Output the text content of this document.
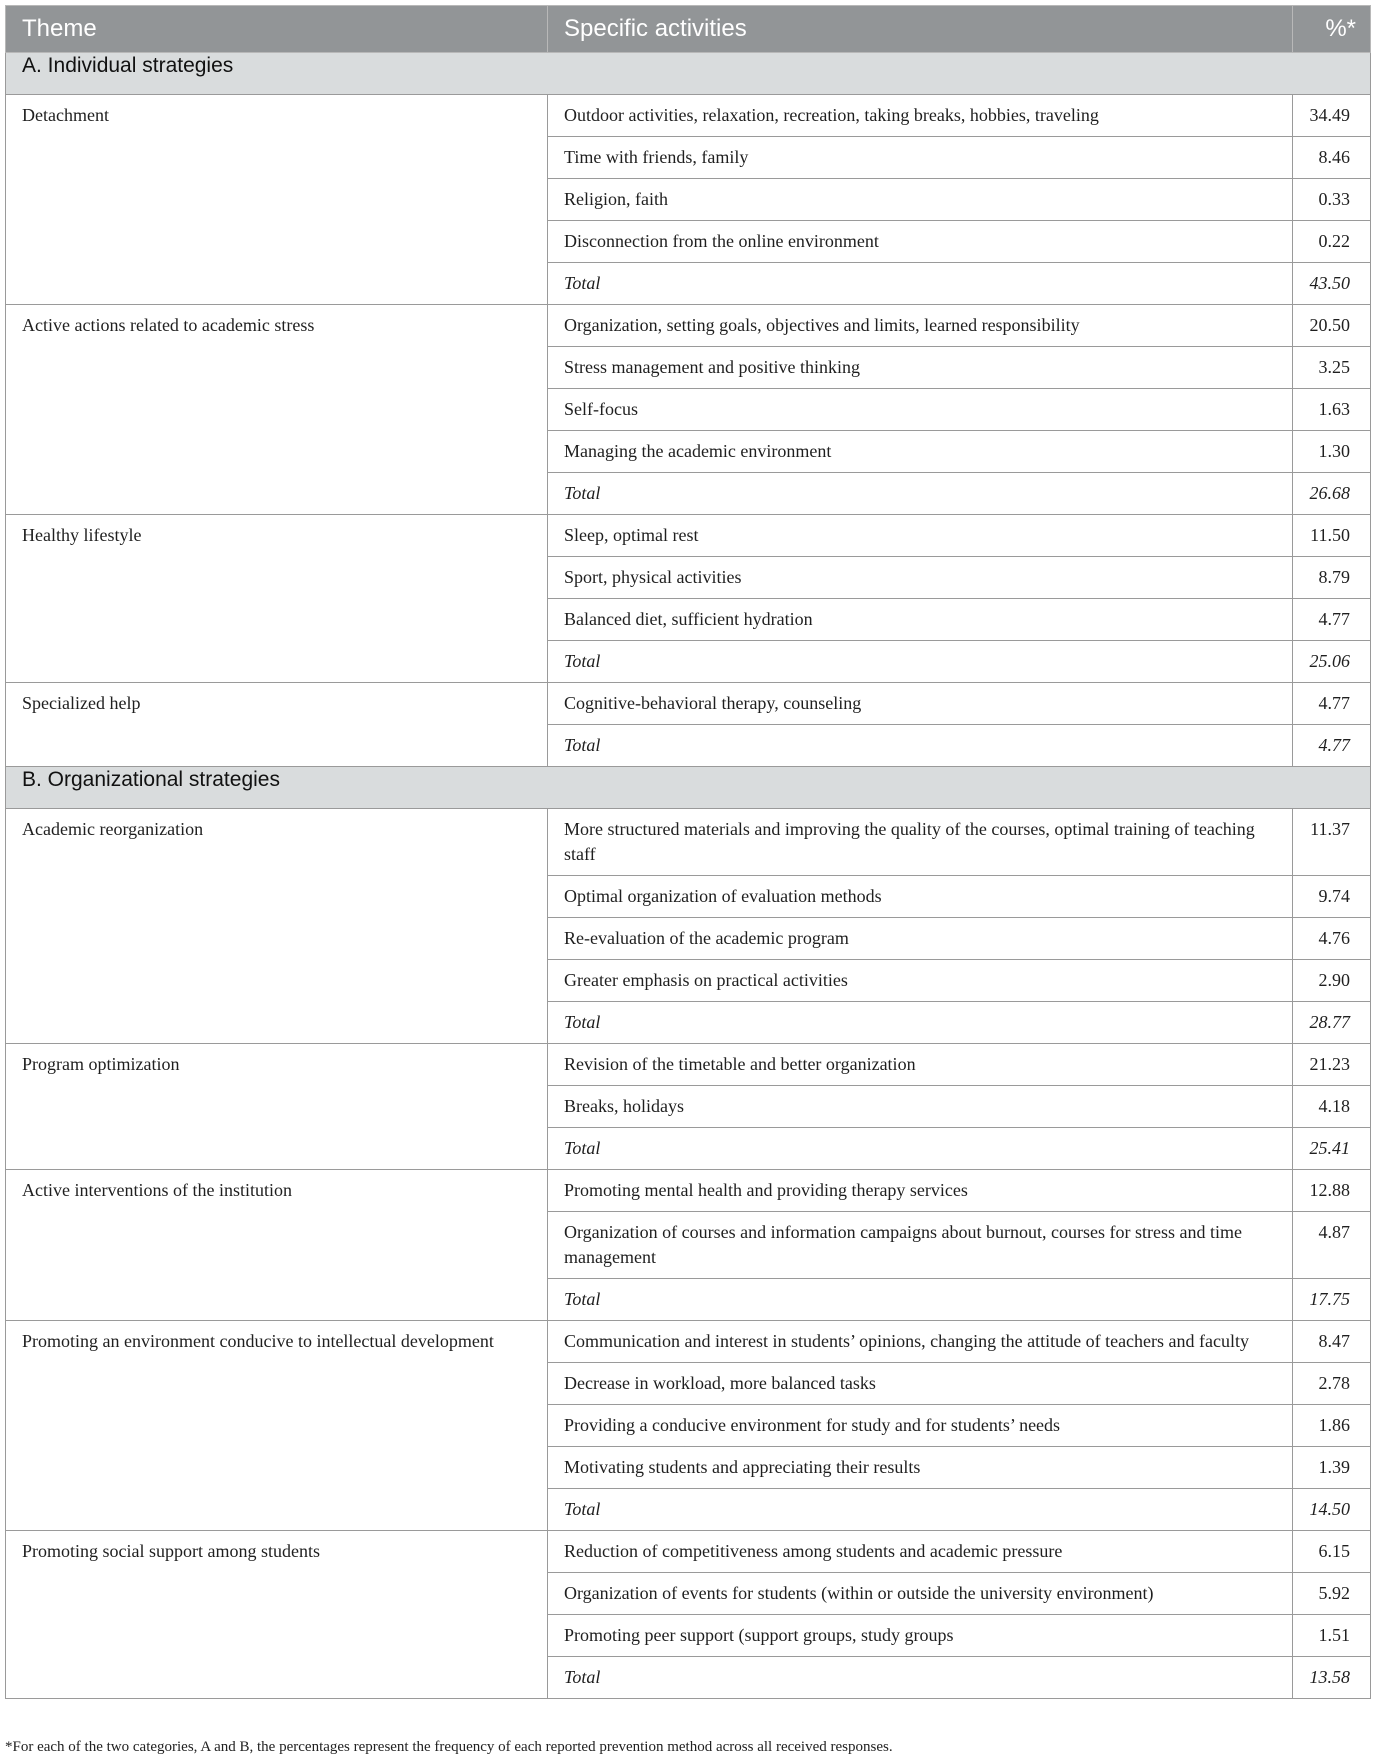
Theme	Specific activities	%*
A. Individual strategies		
Detachment	Outdoor activities, relaxation, recreation, taking breaks, hobbies, traveling	34.49
	Time with friends, family	8.46
	Religion, faith	0.33
	Disconnection from the online environment	0.22
	Total	43.50
Active actions related to academic stress	Organization, setting goals, objectives and limits, learned responsibility	20.50
	Stress management and positive thinking	3.25
	Self-focus	1.63
	Managing the academic environment	1.30
	Total	26.68
Healthy lifestyle	Sleep, optimal rest	11.50
	Sport, physical activities	8.79
	Balanced diet, sufficient hydration	4.77
	Total	25.06
Specialized help	Cognitive-behavioral therapy, counseling	4.77
	Total	4.77
B. Organizational strategies		
Academic reorganization	More structured materials and improving the quality of the courses, optimal training of teaching staff	11.37
	Optimal organization of evaluation methods	9.74
	Re-evaluation of the academic program	4.76
	Greater emphasis on practical activities	2.90
	Total	28.77
Program optimization	Revision of the timetable and better organization	21.23
	Breaks, holidays	4.18
	Total	25.41
Active interventions of the institution	Promoting mental health and providing therapy services	12.88
	Organization of courses and information campaigns about burnout, courses for stress and time management	4.87
	Total	17.75
Promoting an environment conducive to intellectual development	Communication and interest in students’ opinions, changing the attitude of teachers and faculty	8.47
	Decrease in workload, more balanced tasks	2.78
	Providing a conducive environment for study and for students’ needs	1.86
	Motivating students and appreciating their results	1.39
	Total	14.50
Promoting social support among students	Reduction of competitiveness among students and academic pressure	6.15
	Organization of events for students (within or outside the university environment)	5.92
	Promoting peer support (support groups, study groups	1.51
	Total	13.58
*For each of the two categories, A and B, the percentages represent the frequency of each reported prevention method across all received responses.
